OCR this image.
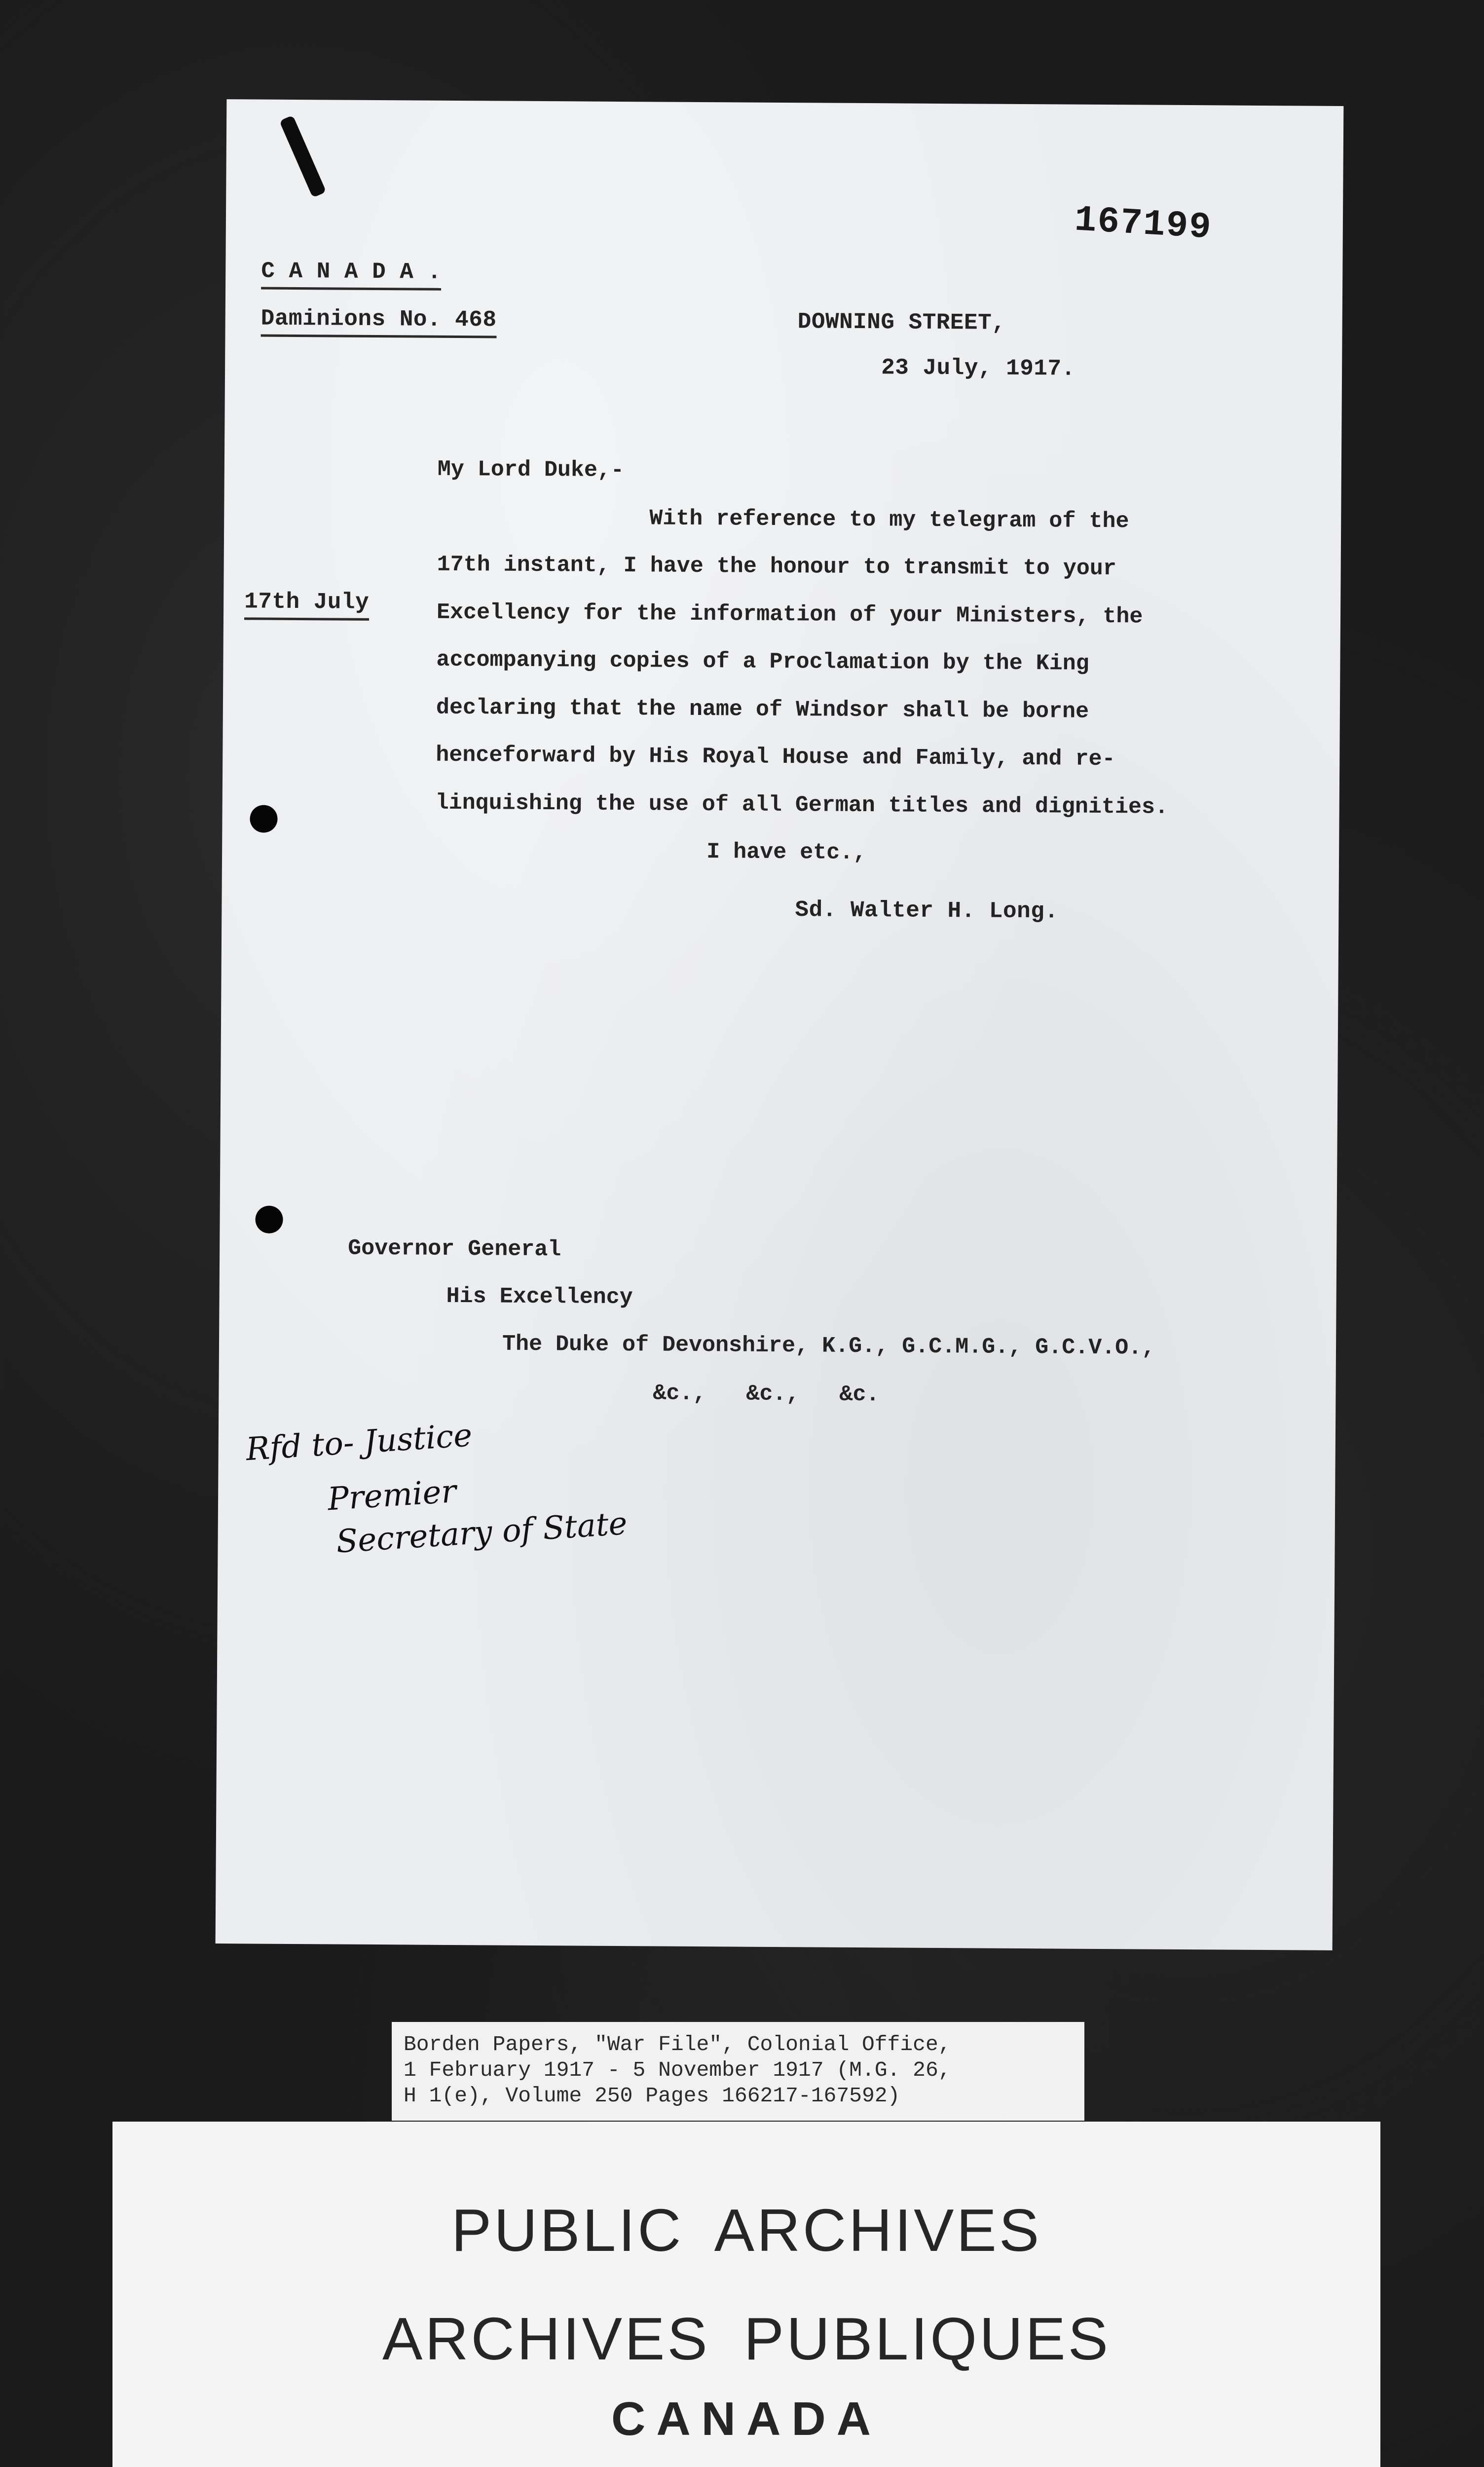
​	167199
C A N A D A .
Daminions No. 468	DOWNING STREET,
23 July, 1917.
17th July
My Lord Duke,-
With reference to my telegram of the
17th instant, I have the honour to transmit to your
Excellency for the information of your Ministers, the
accompanying copies of a Proclamation by the King
declaring that the name of Windsor shall be borne
henceforward by His Royal House and Family, and re-
linquishing the use of all German titles and dignities.
I have etc.,
Sd. Walter H. Long.
Governor General
His Excellency
The Duke of Devonshire, K.G., G.C.M.G., G.C.V.O.,
&c.,   &c.,   &c.
Rfd to- Justice
Premier
Secretary of State
Borden Papers, "War File", Colonial Office,
1 February 1917 - 5 November 1917 (M.G. 26,
H 1(e), Volume 250 Pages 166217-167592)
PUBLIC ARCHIVES
ARCHIVES PUBLIQUES
CANADA
